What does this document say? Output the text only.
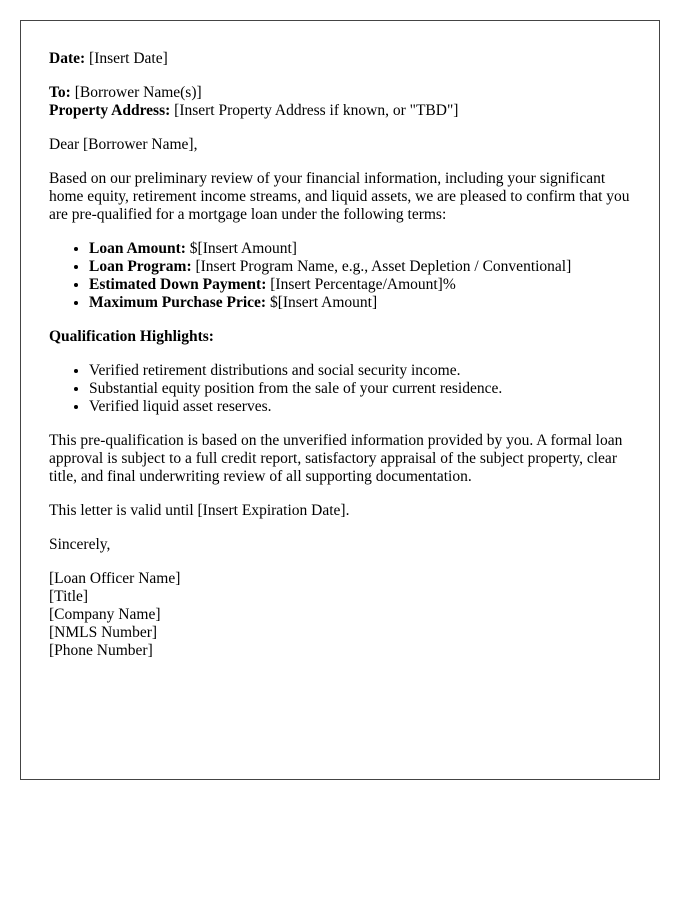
Date: [Insert Date]

To: [Borrower Name(s)]
Property Address: [Insert Property Address if known, or "TBD"]

Dear [Borrower Name],

Based on our preliminary review of your financial information, including your significant home equity, retirement income streams, and liquid assets, we are pleased to confirm that you are pre-qualified for a mortgage loan under the following terms:

• Loan Amount: $[Insert Amount]
• Loan Program: [Insert Program Name, e.g., Asset Depletion / Conventional]
• Estimated Down Payment: [Insert Percentage/Amount]%
• Maximum Purchase Price: $[Insert Amount]

Qualification Highlights:

• Verified retirement distributions and social security income.
• Substantial equity position from the sale of your current residence.
• Verified liquid asset reserves.

This pre-qualification is based on the unverified information provided by you. A formal loan approval is subject to a full credit report, satisfactory appraisal of the subject property, clear title, and final underwriting review of all supporting documentation.

This letter is valid until [Insert Expiration Date].

Sincerely,

[Loan Officer Name]
[Title]
[Company Name]
[NMLS Number]
[Phone Number]
